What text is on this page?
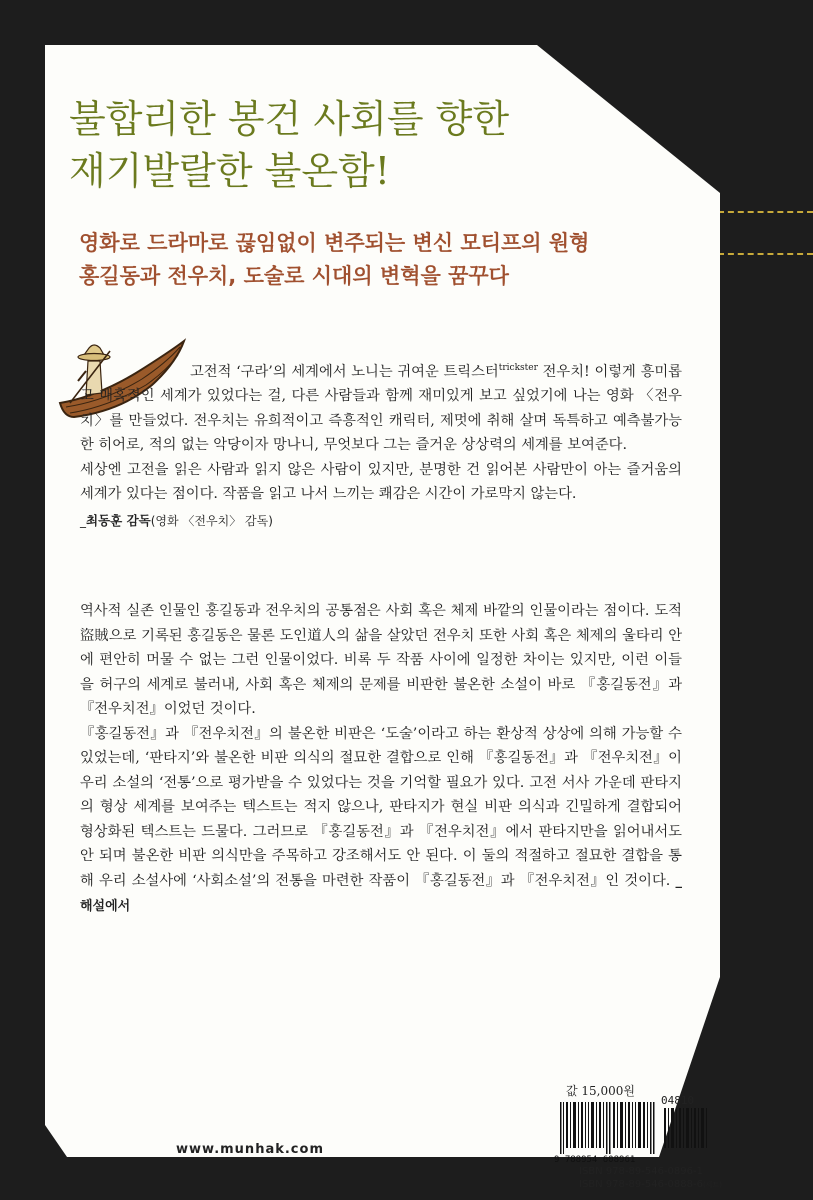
불합리한 봉건 사회를 향한
재기발랄한 불온함!
영화로 드라마로 끊임없이 변주되는 변신 모티프의 원형
홍길동과 전우치, 도술로 시대의 변혁을 꿈꾸다

고전적 ‘구라’의 세계에서 노니는 귀여운 트릭스터$^{trickster}$ 전우치! 이렇게 흥미롭고 매혹적인 세계가 있었다는 걸, 다른 사람들과 함께 재미있게 보고 싶었기에 나는 영화 〈전우치〉를 만들었다. 전우치는 유희적이고 즉흥적인 캐릭터, 제멋에 취해 살며 독특하고 예측불가능한 히어로, 적의 없는 악당이자 망나니, 무엇보다 그는 즐거운 상상력의 세계를 보여준다.

세상엔 고전을 읽은 사람과 읽지 않은 사람이 있지만, 분명한 건 읽어본 사람만이 아는 즐거움의 세계가 있다는 점이다. 작품을 읽고 나서 느끼는 쾌감은 시간이 가로막지 않는다.

_최동훈 감독(영화 〈전우치〉 감독)

역사적 실존 인물인 홍길동과 전우치의 공통점은 사회 혹은 체제 바깥의 인물이라는 점이다. 도적盜賊으로 기록된 홍길동은 물론 도인道人의 삶을 살았던 전우치 또한 사회 혹은 체제의 울타리 안에 편안히 머물 수 없는 그런 인물이었다. 비록 두 작품 사이에 일정한 차이는 있지만, 이런 이들을 허구의 세계로 불러내, 사회 혹은 체제의 문제를 비판한 불온한 소설이 바로 『홍길동전』과 『전우치전』이었던 것이다.

『홍길동전』과 『전우치전』의 불온한 비판은 ‘도술’이라고 하는 환상적 상상에 의해 가능할 수 있었는데, ‘판타지’와 불온한 비판 의식의 절묘한 결합으로 인해 『홍길동전』과 『전우치전』이 우리 소설의 ‘전통’으로 평가받을 수 있었다는 것을 기억할 필요가 있다. 고전 서사 가운데 판타지의 형상 세계를 보여주는 텍스트는 적지 않으나, 판타지가 현실 비판 의식과 긴밀하게 결합되어 형상화된 텍스트는 드물다. 그러므로 『홍길동전』과 『전우치전』에서 판타지만을 읽어내서도 안 되며 불온한 비판 의식만을 주목하고 강조해서도 안 된다. 이 둘의 적절하고 절묘한 결합을 통해 우리 소설사에 ‘사회소설’의 전통을 마련한 작품이 『홍길동전』과 『전우치전』인 것이다. _해설에서

www.munhak.com
값 15,000원
04810
9 788954 608961
ISBN 978-89-546-0896-1
ISBN 978-89-546-0888-6(세트)
